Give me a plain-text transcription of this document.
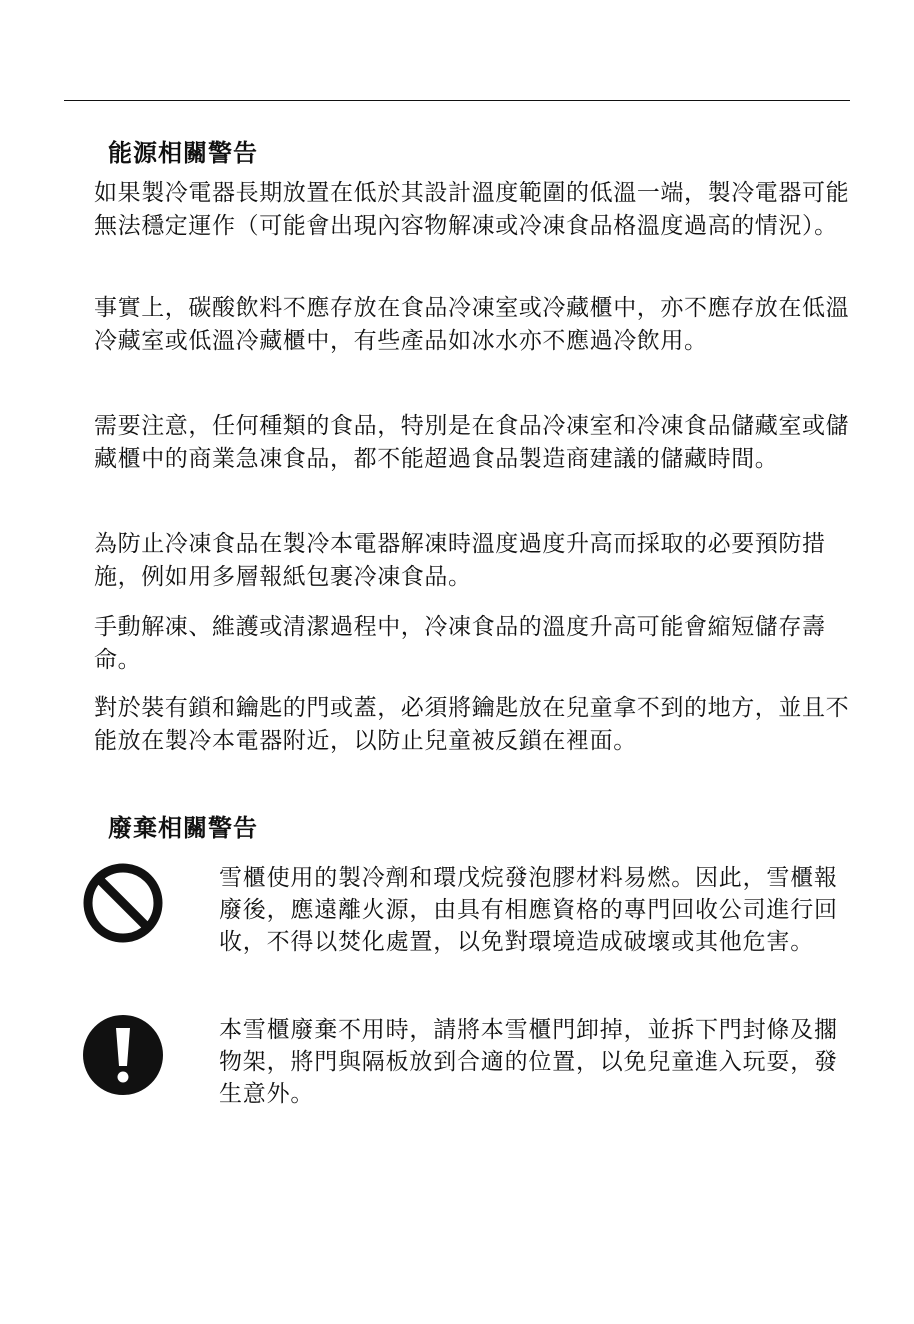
能源相關警告

如果製冷電器長期放置在低於其設計溫度範圍的低溫一端，製冷電器可能無法穩定運作（可能會出現內容物解凍或冷凍食品格溫度過高的情況）。

事實上，碳酸飲料不應存放在食品冷凍室或冷藏櫃中，亦不應存放在低溫冷藏室或低溫冷藏櫃中，有些產品如冰水亦不應過冷飲用。

需要注意，任何種類的食品，特別是在食品冷凍室和冷凍食品儲藏室或儲藏櫃中的商業急凍食品，都不能超過食品製造商建議的儲藏時間。

為防止冷凍食品在製冷本電器解凍時溫度過度升高而採取的必要預防措施，例如用多層報紙包裹冷凍食品。

手動解凍、維護或清潔過程中，冷凍食品的溫度升高可能會縮短儲存壽命。

對於裝有鎖和鑰匙的門或蓋，必須將鑰匙放在兒童拿不到的地方，並且不能放在製冷本電器附近，以防止兒童被反鎖在裡面。

廢棄相關警告

雪櫃使用的製冷劑和環戊烷發泡膠材料易燃。因此，雪櫃報廢後，應遠離火源，由具有相應資格的專門回收公司進行回收，不得以焚化處置，以免對環境造成破壞或其他危害。

本雪櫃廢棄不用時，請將本雪櫃門卸掉，並拆下門封條及擱物架，將門與隔板放到合適的位置，以免兒童進入玩耍，發生意外。
